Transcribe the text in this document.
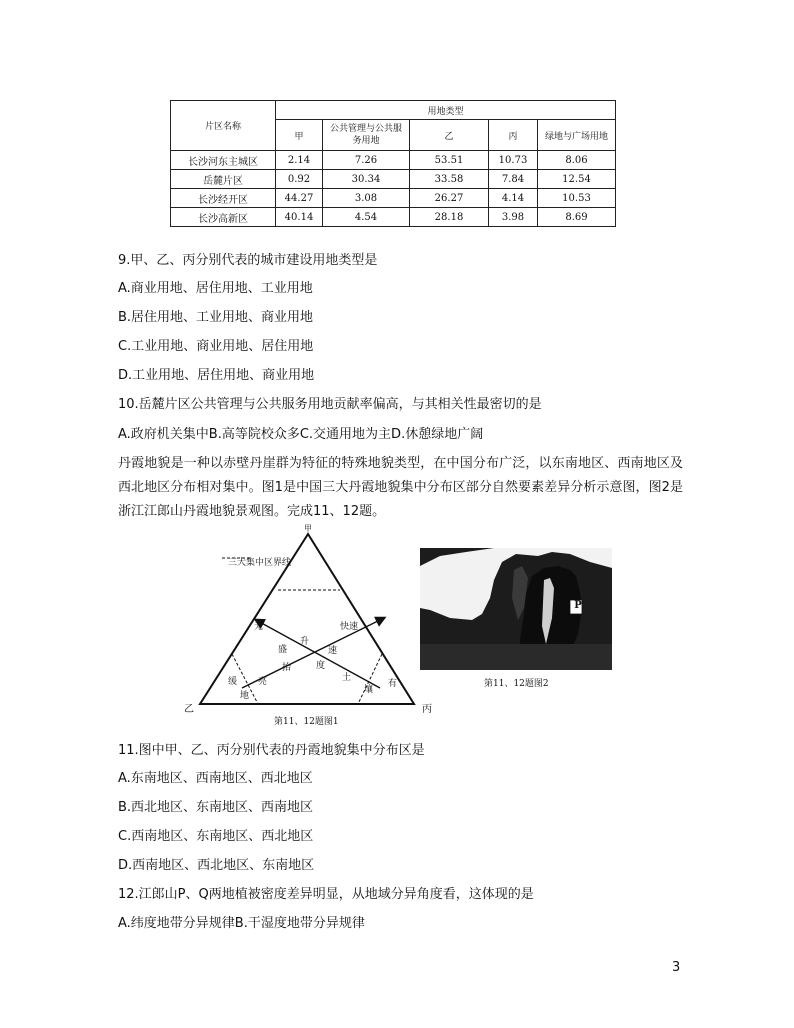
片区名称	用地类型				
	甲	公共管理与公共服务用地	乙	丙	绿地与广场用地
长沙河东主城区	2.14	7.26	53.51	10.73	8.06
岳麓片区	0.92	30.34	33.58	7.84	12.54
长沙经开区	44.27	3.08	26.27	4.14	10.53
长沙高新区	40.14	4.54	28.18	3.98	8.69
9.甲、乙、丙分别代表的城市建设用地类型是
A.商业用地、居住用地、工业用地
B.居住用地、工业用地、商业用地
C.工业用地、商业用地、居住用地
D.工业用地、居住用地、商业用地
10.岳麓片区公共管理与公共服务用地贡献率偏高，与其相关性最密切的是
A.政府机关集中B.高等院校众多C.交通用地为主D.休憩绿地广阔
丹霞地貌是一种以赤壁丹崖群为特征的特殊地貌类型，在中国分布广泛，以东南地区、西南地区及西北地区分布相对集中。图1是中国三大丹霞地貌集中分布区部分自然要素差异分析示意图，图2是浙江江郎山丹霞地貌景观图。完成11、12题。
三大集中区界线
甲
乙	丙
无	快速
盛
升
速
抬	度
土
缓 亮
地
壤
有
第11、12题图1
P
第11、12题图2
11.图中甲、乙、丙分别代表的丹霞地貌集中分布区是
A.东南地区、西南地区、西北地区
B.西北地区、东南地区、西南地区
C.西南地区、东南地区、西北地区
D.西南地区、西北地区、东南地区
12.江郎山P、Q两地植被密度差异明显，从地域分异角度看，这体现的是
A.纬度地带分异规律B.干湿度地带分异规律
3
